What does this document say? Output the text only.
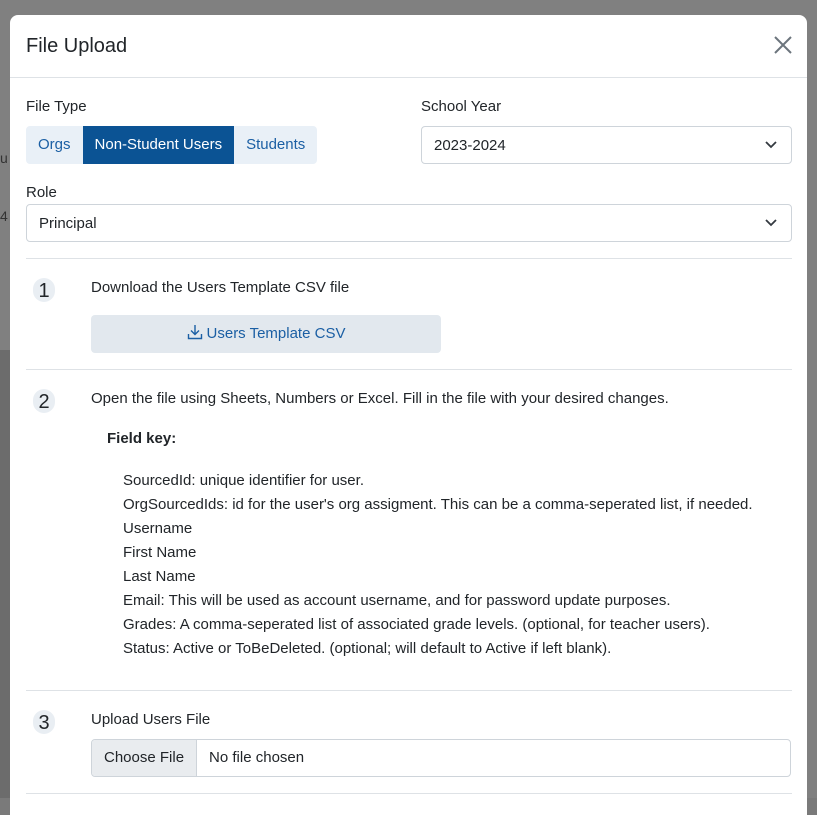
u
4
File Upload
File Type
Orgs	Non-Student Users	Students
School Year
2023-2024
Role
Principal
1	Download the Users Template CSV file
Users Template CSV
2	Open the file using Sheets, Numbers or Excel. Fill in the file with your desired changes.
Field key:
SourcedId: unique identifier for user.
OrgSourcedIds: id for the user's org assigment. This can be a comma-seperated list, if needed.
Username
First Name
Last Name
Email: This will be used as account username, and for password update purposes.
Grades: A comma-seperated list of associated grade levels. (optional, for teacher users).
Status: Active or ToBeDeleted. (optional; will default to Active if left blank).
3	Upload Users File
Choose File	No file chosen
